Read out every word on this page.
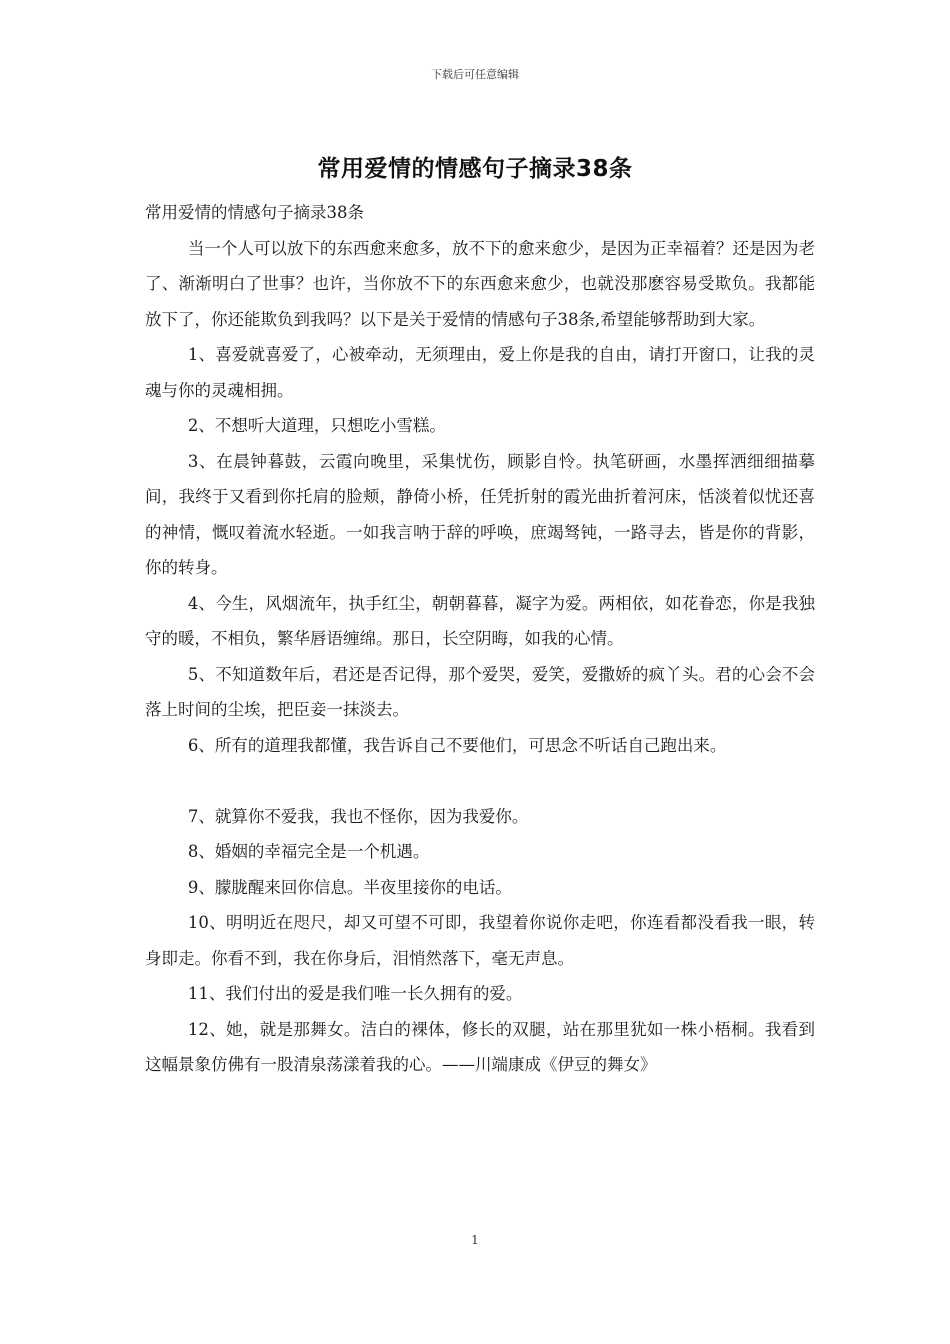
下载后可任意编辑
常用爱情的情感句子摘录38条

常用爱情的情感句子摘录38条

当一个人可以放下的东西愈来愈多，放不下的愈来愈少，是因为正幸福着？还是因为老了、渐渐明白了世事？也许，当你放不下的东西愈来愈少，也就没那麽容易受欺负。我都能放下了，你还能欺负到我吗？以下是关于爱情的情感句子38条,希望能够帮助到大家。

1、喜爱就喜爱了，心被牵动，无须理由，爱上你是我的自由，请打开窗口，让我的灵魂与你的灵魂相拥。

2、不想听大道理，只想吃小雪糕。

3、在晨钟暮鼓，云霞向晚里，采集忧伤，顾影自怜。执笔研画，水墨挥洒细细描摹间，我终于又看到你托肩的脸颊，静倚小桥，任凭折射的霞光曲折着河床，恬淡着似忧还喜的神情，慨叹着流水轻逝。一如我言呐于辞的呼唤，庶竭驽钝，一路寻去，皆是你的背影，你的转身。

4、今生，风烟流年，执手红尘，朝朝暮暮，凝字为爱。两相依，如花眷恋，你是我独守的暖，不相负，繁华唇语缠绵。那日，长空阴晦，如我的心情。

5、不知道数年后，君还是否记得，那个爱哭，爱笑，爱撒娇的疯丫头。君的心会不会落上时间的尘埃，把臣妾一抹淡去。

6、所有的道理我都懂，我告诉自己不要他们，可思念不听话自己跑出来。

7、就算你不爱我，我也不怪你，因为我爱你。

8、婚姻的幸福完全是一个机遇。

9、朦胧醒来回你信息。半夜里接你的电话。

10、明明近在咫尺，却又可望不可即，我望着你说你走吧，你连看都没看我一眼，转身即走。你看不到，我在你身后，泪悄然落下，毫无声息。

11、我们付出的爱是我们唯一长久拥有的爱。

12、她，就是那舞女。洁白的裸体，修长的双腿，站在那里犹如一株小梧桐。我看到这幅景象仿佛有一股清泉荡漾着我的心。——川端康成《伊豆的舞女》

1
